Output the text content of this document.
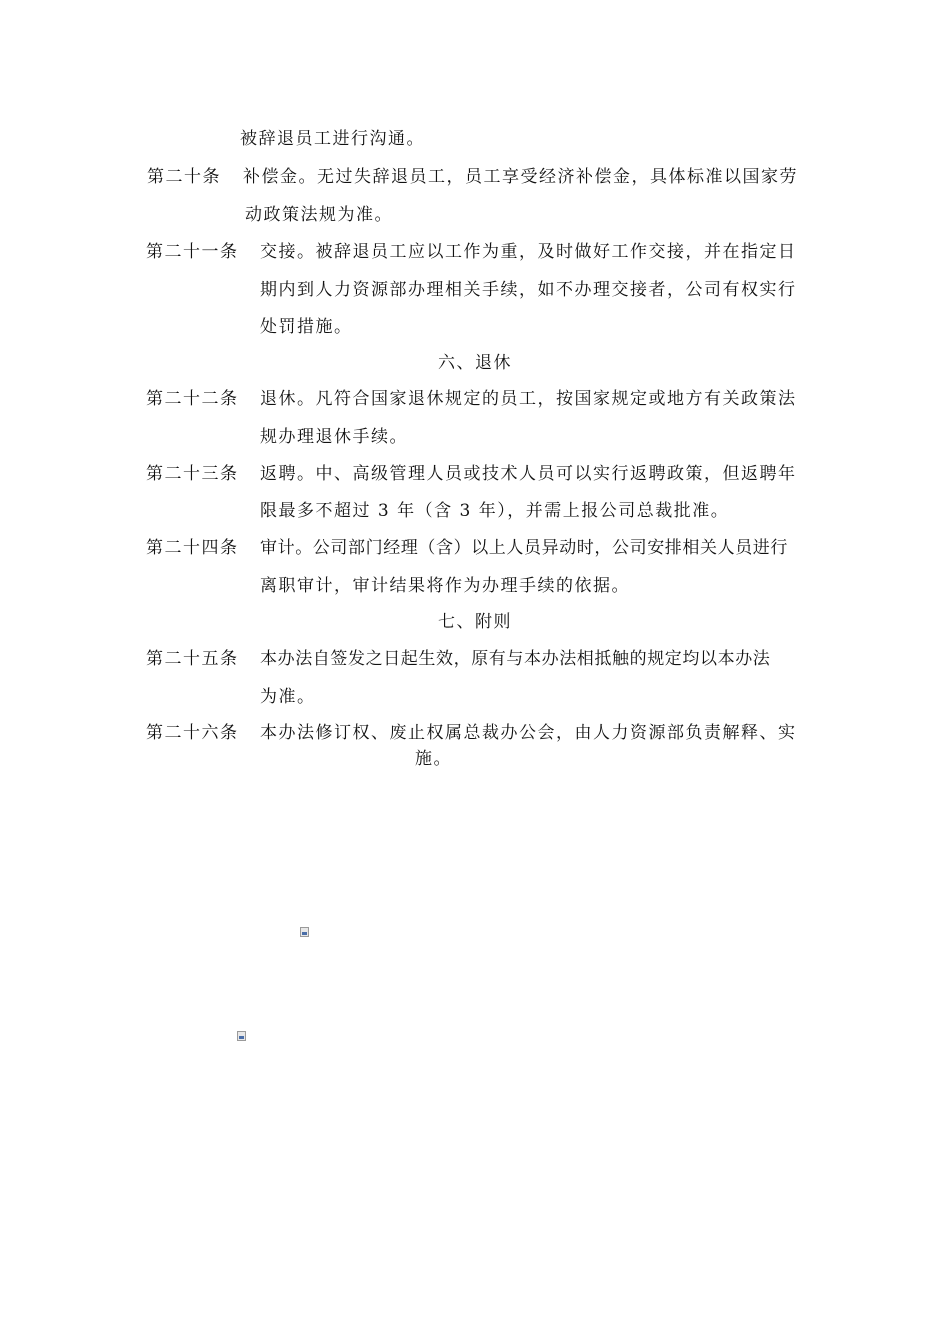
被辞退员工进行沟通。
第二十条 补偿金。无过失辞退员工，员工享受经济补偿金，具体标准以国家劳
动政策法规为准。
第二十一条 交接。被辞退员工应以工作为重，及时做好工作交接，并在指定日
期内到人力资源部办理相关手续，如不办理交接者，公司有权实行
处罚措施。
六、退休
第二十二条 退休。凡符合国家退休规定的员工，按国家规定或地方有关政策法
规办理退休手续。
第二十三条 返聘。中、高级管理人员或技术人员可以实行返聘政策，但返聘年
限最多不超过 3 年（含 3 年），并需上报公司总裁批准。
第二十四条 审计。公司部门经理（含）以上人员异动时，公司安排相关人员进行
离职审计，审计结果将作为办理手续的依据。
七、附则
第二十五条 本办法自签发之日起生效，原有与本办法相抵触的规定均以本办法
为准。
第二十六条 本办法修订权、废止权属总裁办公会，由人力资源部负责解释、实
施。
